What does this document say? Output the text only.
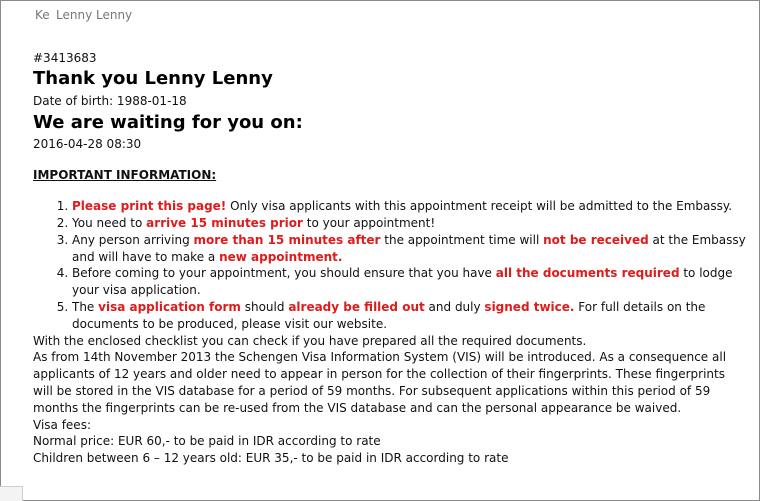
Ke Lenny Lenny

#3413683

Thank you Lenny Lenny

Date of birth: 1988-01-18

We are waiting for you on:

2016-04-28 08:30

IMPORTANT INFORMATION:

1. Please print this page! Only visa applicants with this appointment receipt will be admitted to the Embassy.
2. You need to arrive 15 minutes prior to your appointment!
3. Any person arriving more than 15 minutes after the appointment time will not be received at the Embassy and will have to make a new appointment.
4. Before coming to your appointment, you should ensure that you have all the documents required to lodge your visa application.
5. The visa application form should already be filled out and duly signed twice. For full details on the documents to be produced, please visit our website.

With the enclosed checklist you can check if you have prepared all the required documents.

As from 14th November 2013 the Schengen Visa Information System (VIS) will be introduced. As a consequence all applicants of 12 years and older need to appear in person for the collection of their fingerprints. These fingerprints will be stored in the VIS database for a period of 59 months. For subsequent applications within this period of 59 months the fingerprints can be re-used from the VIS database and can the personal appearance be waived.

Visa fees:

Normal price: EUR 60,- to be paid in IDR according to rate

Children between 6 – 12 years old: EUR 35,- to be paid in IDR according to rate
